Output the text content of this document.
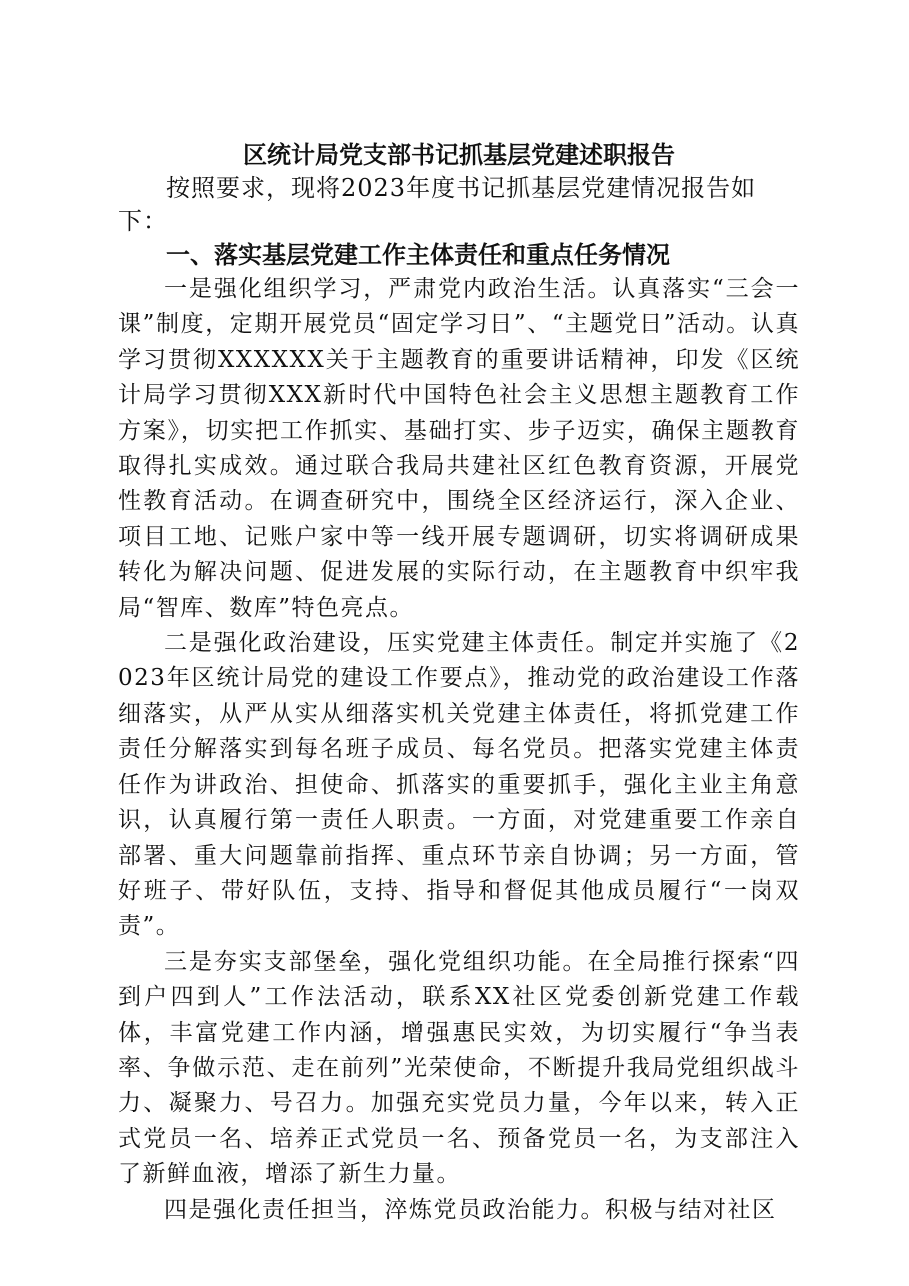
区统计局党支部书记抓基层党建述职报告

按照要求，现将2023年度书记抓基层党建情况报告如下：

一、落实基层党建工作主体责任和重点任务情况

一是强化组织学习，严肃党内政治生活。认真落实“三会一课”制度，定期开展党员“固定学习日”、“主题党日”活动。认真学习贯彻XXXXXX关于主题教育的重要讲话精神，印发《区统计局学习贯彻XXX新时代中国特色社会主义思想主题教育工作方案》，切实把工作抓实、基础打实、步子迈实，确保主题教育取得扎实成效。通过联合我局共建社区红色教育资源，开展党性教育活动。在调查研究中，围绕全区经济运行，深入企业、项目工地、记账户家中等一线开展专题调研，切实将调研成果转化为解决问题、促进发展的实际行动，在主题教育中织牢我局“智库、数库”特色亮点。

二是强化政治建设，压实党建主体责任。制定并实施了《2023年区统计局党的建设工作要点》，推动党的政治建设工作落细落实，从严从实从细落实机关党建主体责任，将抓党建工作责任分解落实到每名班子成员、每名党员。把落实党建主体责任作为讲政治、担使命、抓落实的重要抓手，强化主业主角意识，认真履行第一责任人职责。一方面，对党建重要工作亲自部署、重大问题靠前指挥、重点环节亲自协调；另一方面，管好班子、带好队伍，支持、指导和督促其他成员履行“一岗双责”。

三是夯实支部堡垒，强化党组织功能。在全局推行探索“四到户四到人”工作法活动，联系XX社区党委创新党建工作载体，丰富党建工作内涵，增强惠民实效，为切实履行“争当表率、争做示范、走在前列”光荣使命，不断提升我局党组织战斗力、凝聚力、号召力。加强充实党员力量，今年以来，转入正式党员一名、培养正式党员一名、预备党员一名，为支部注入了新鲜血液，增添了新生力量。

四是强化责任担当，淬炼党员政治能力。积极与结对社区
